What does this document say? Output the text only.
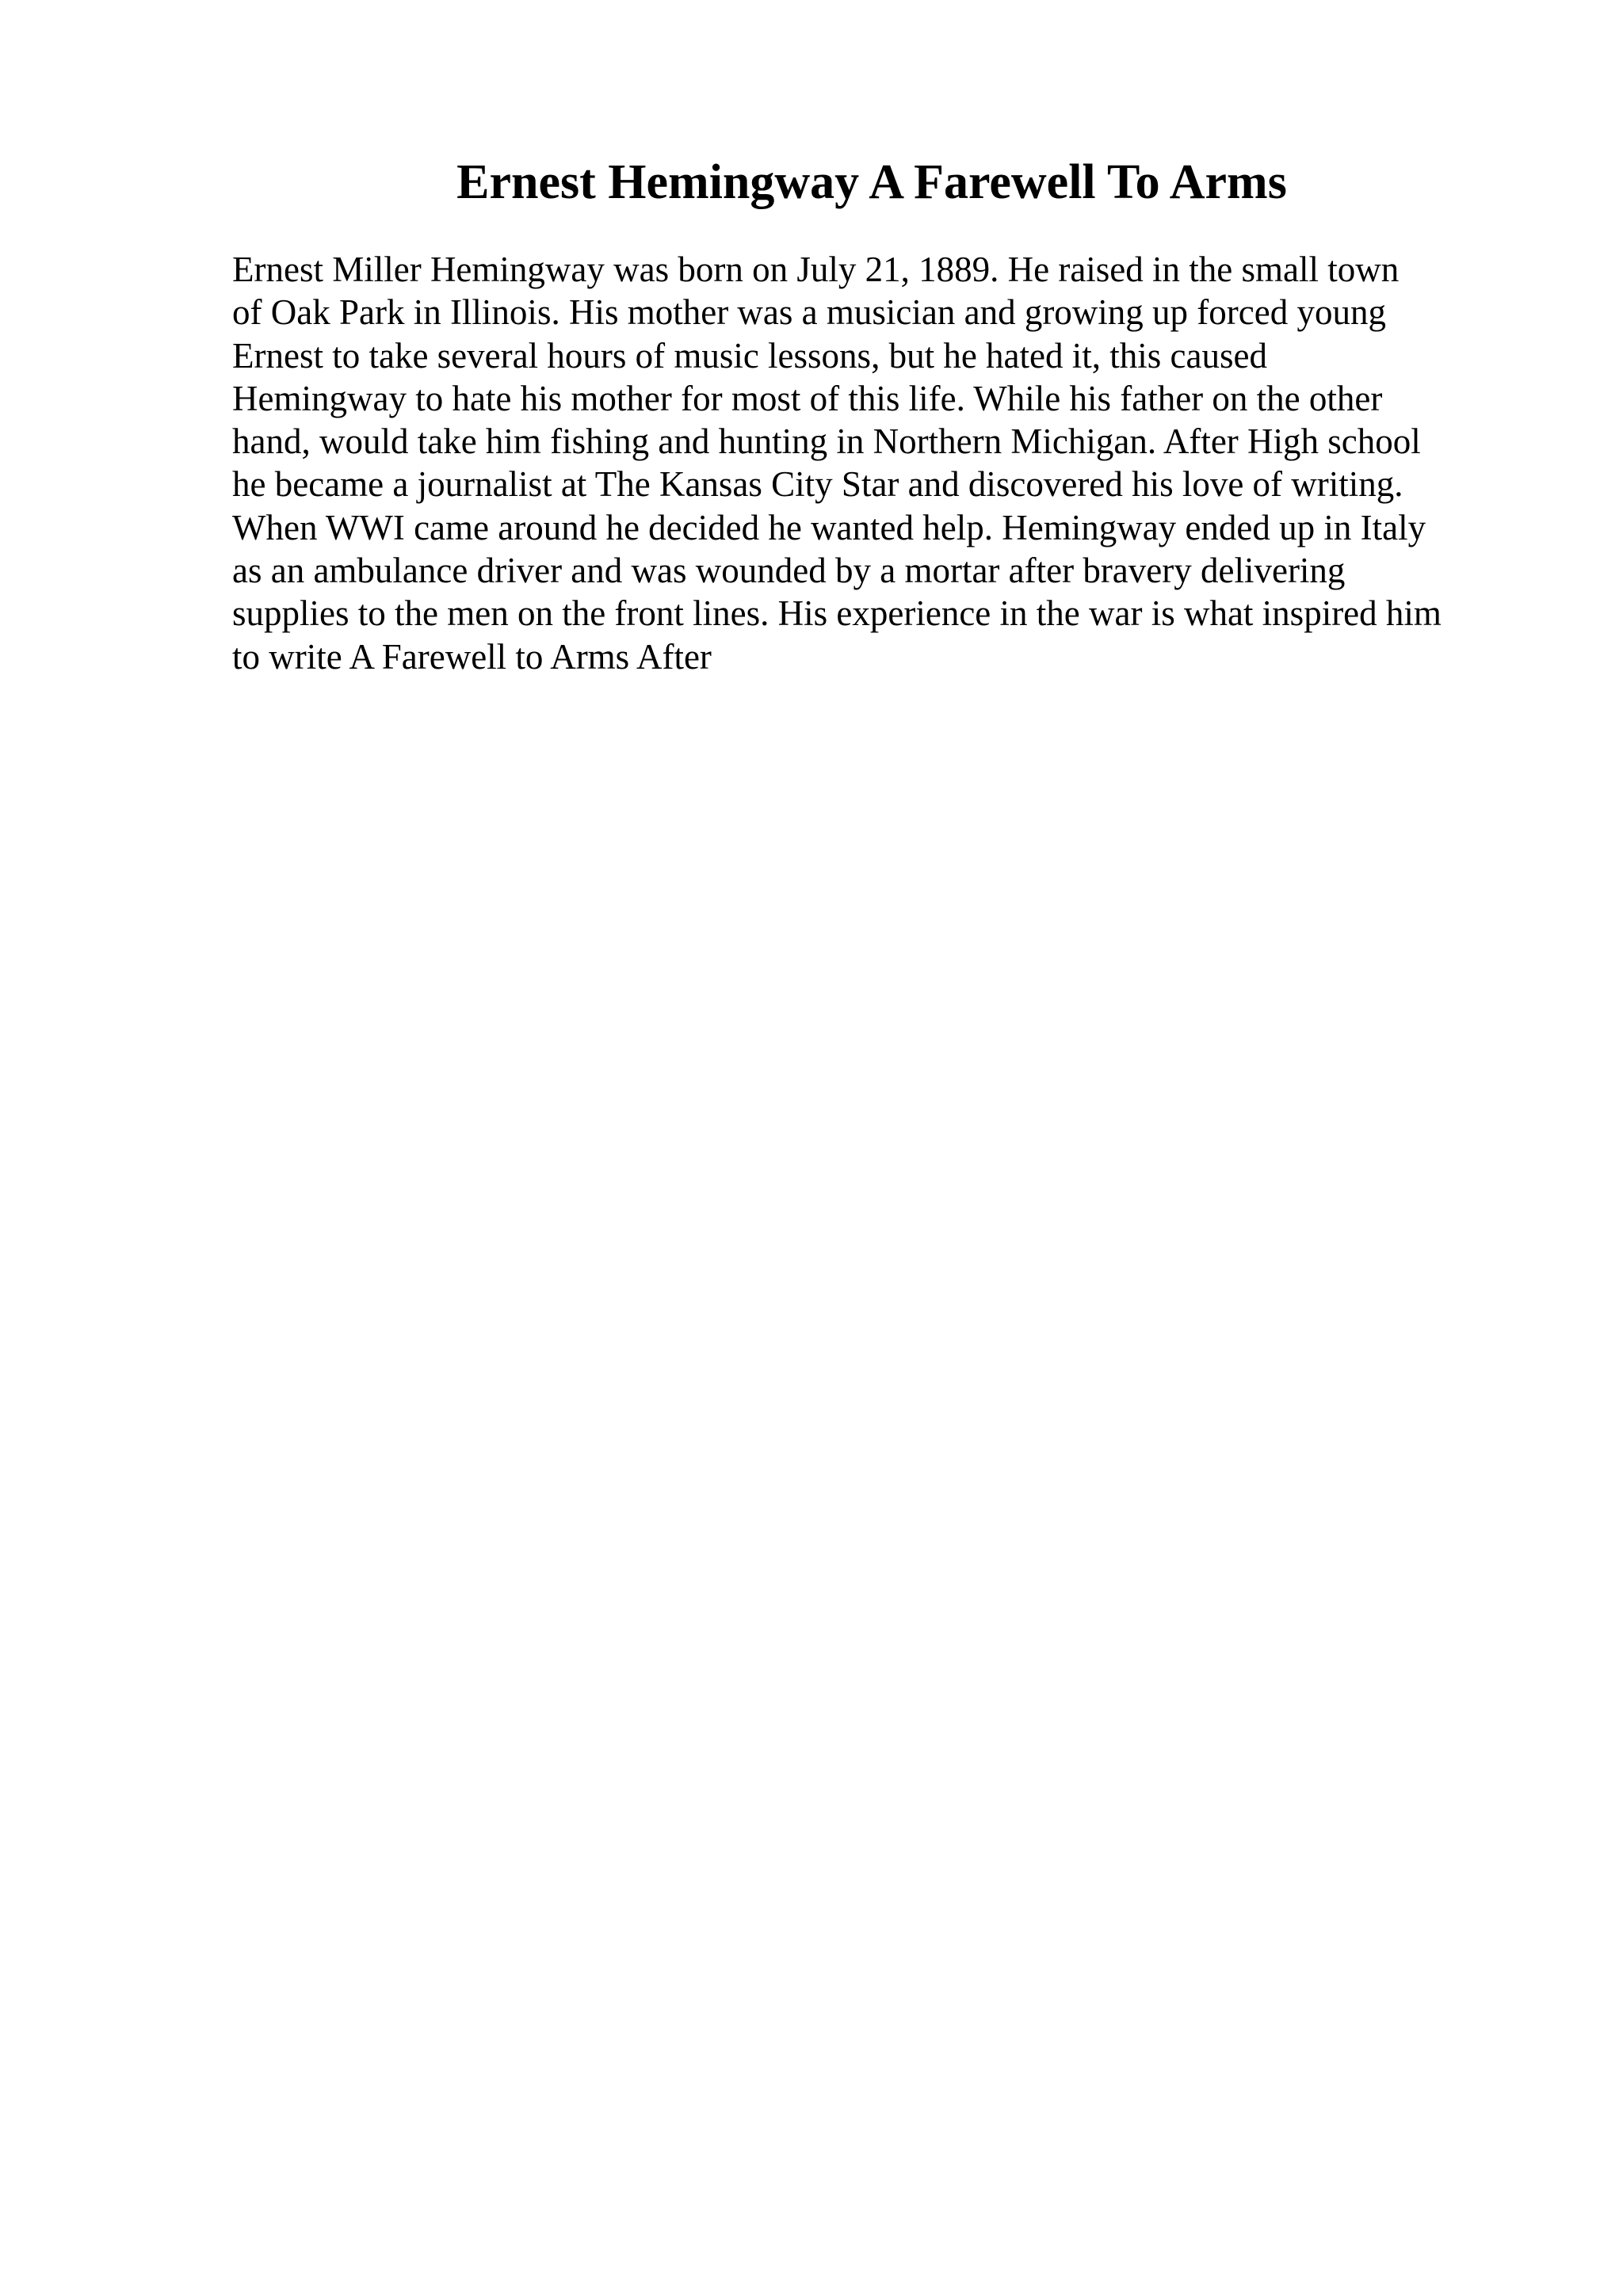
Ernest Hemingway A Farewell To Arms

Ernest Miller Hemingway was born on July 21, 1889. He raised in the small town
of Oak Park in Illinois. His mother was a musician and growing up forced young
Ernest to take several hours of music lessons, but he hated it, this caused
Hemingway to hate his mother for most of this life. While his father on the other
hand, would take him fishing and hunting in Northern Michigan. After High school
he became a journalist at The Kansas City Star and discovered his love of writing.
When WWI came around he decided he wanted help. Hemingway ended up in Italy
as an ambulance driver and was wounded by a mortar after bravery delivering
supplies to the men on the front lines. His experience in the war is what inspired him
to write A Farewell to Arms After
